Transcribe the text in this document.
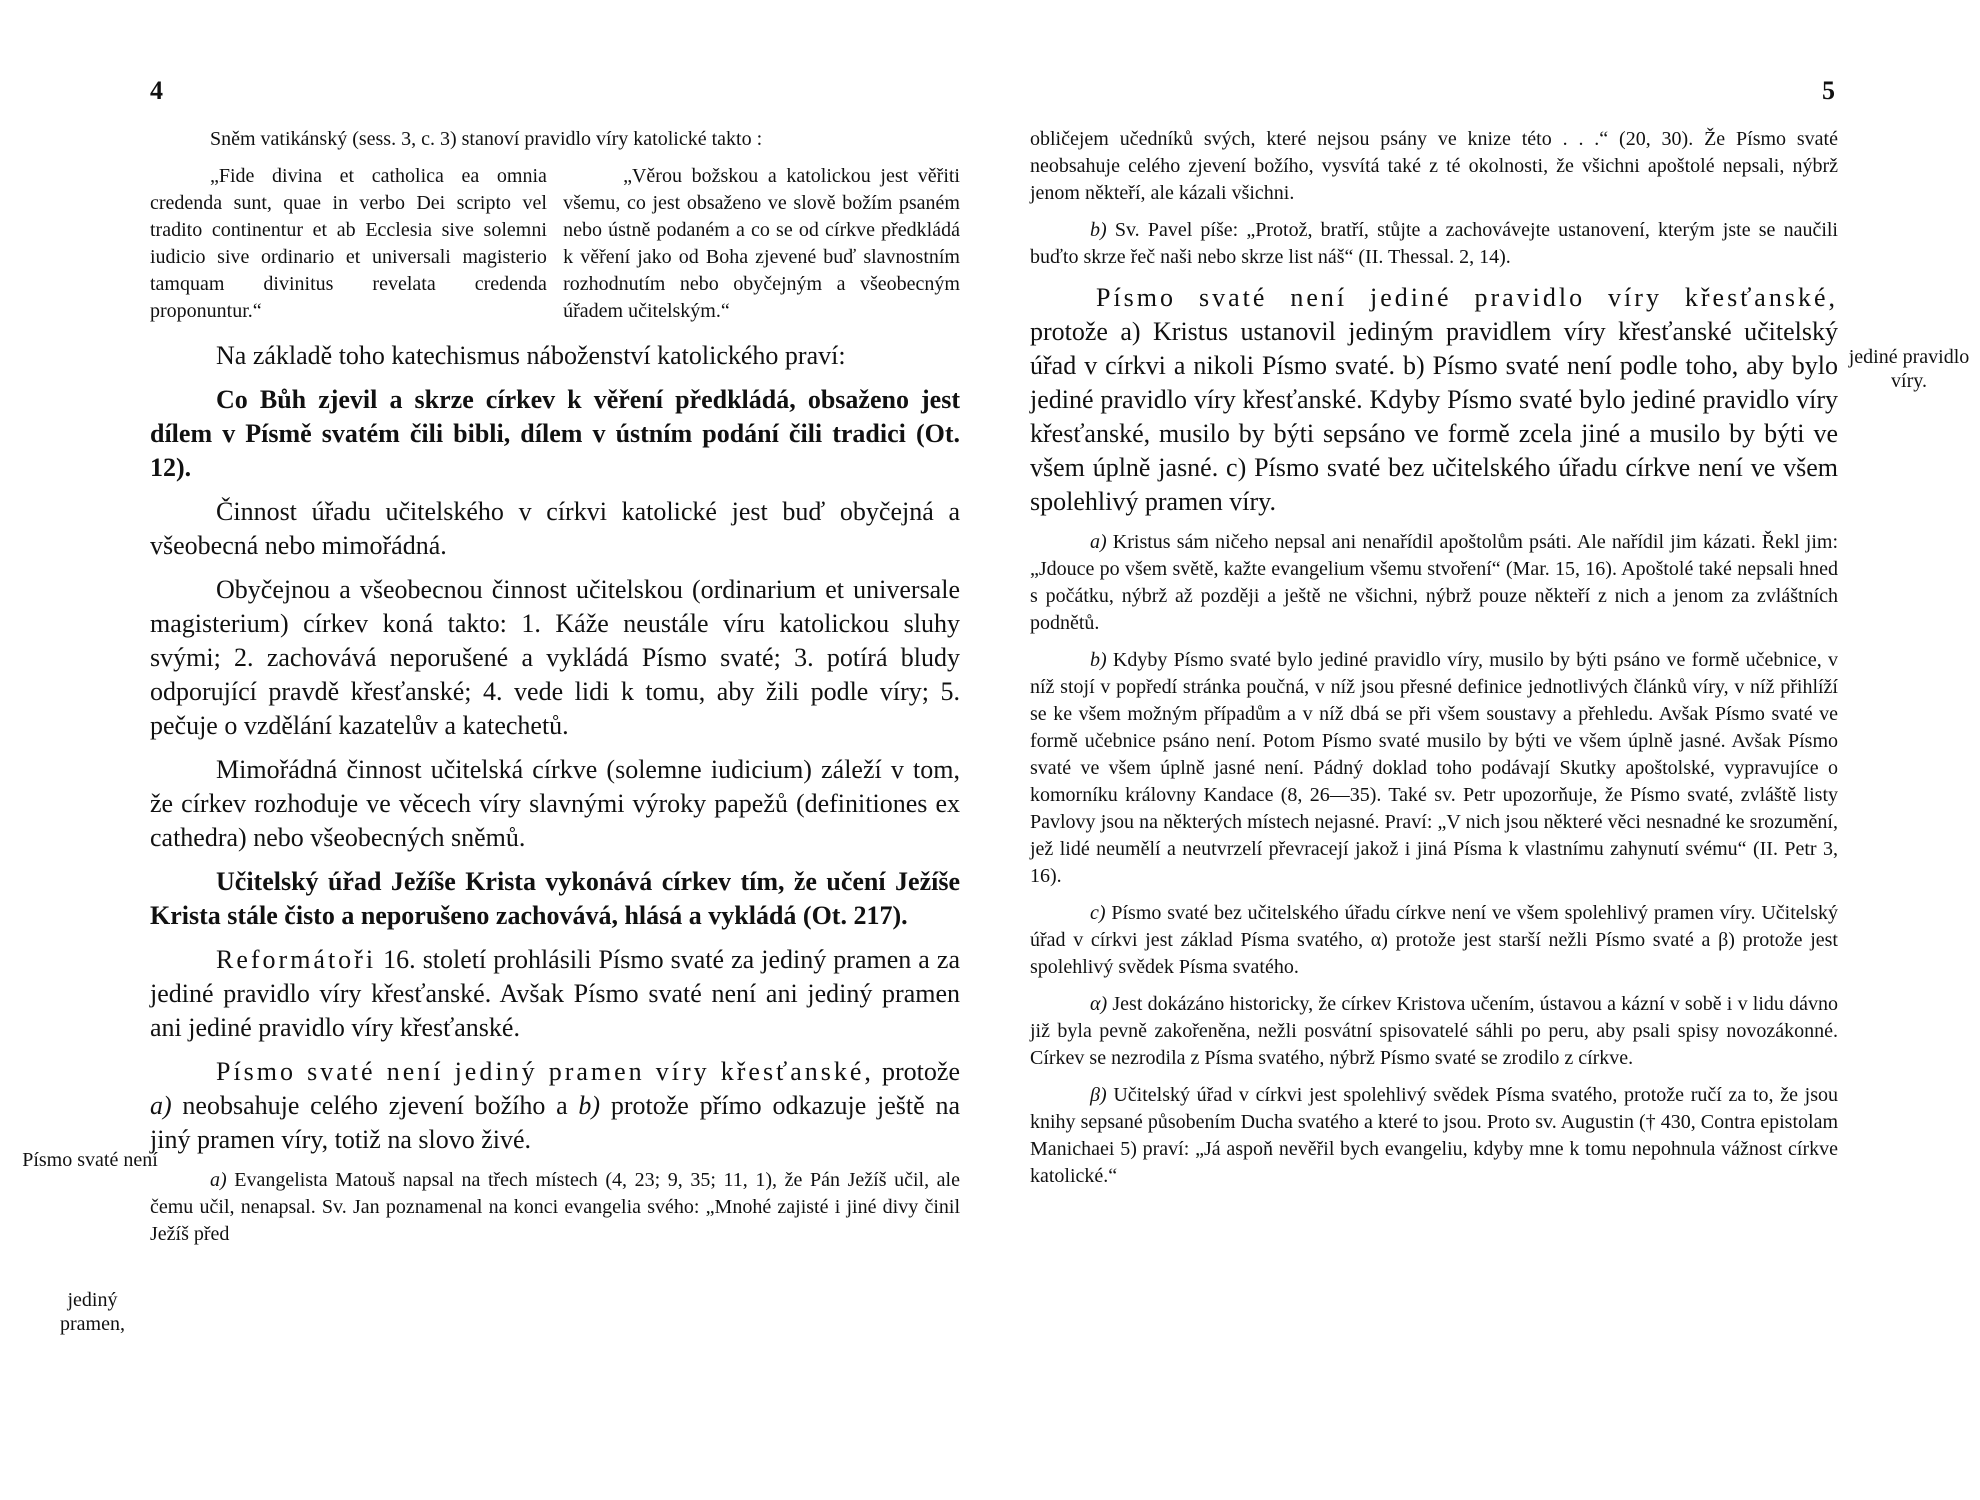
4
Písmo svaté není
jediný pramen,

Sněm vatikánský (sess. 3, c. 3) stanoví pravidlo víry katolické takto :

„Fide divina et catholica ea omnia credenda sunt, quae in verbo Dei scripto vel tradito continentur et ab Ecclesia sive solemni iudicio sive ordinario et universali magisterio tamquam divinitus revelata credenda proponuntur.“

„Věrou božskou a katolickou jest věřiti všemu, co jest obsaženo ve slově božím psaném nebo ústně podaném a co se od církve předkládá k věření jako od Boha zjevené buď slavnostním rozhodnutím nebo obyčejným a všeobecným úřadem učitelským.“

Na základě toho katechismus náboženství katolického praví:

Co Bůh zjevil a skrze církev k věření předkládá, obsaženo jest dílem v Písmě svatém čili bibli, dílem v ústním podání čili tradici (Ot. 12).

Činnost úřadu učitelského v církvi katolické jest buď obyčejná a všeobecná nebo mimořádná.

Obyčejnou a všeobecnou činnost učitelskou (ordinarium et universale magisterium) církev koná takto: 1. Káže neustále víru katolickou sluhy svými; 2. zachovává neporušené a vykládá Písmo svaté; 3. potírá bludy odporující pravdě křesťanské; 4. vede lidi k tomu, aby žili podle víry; 5. pečuje o vzdělání kazatelův a katechetů.

Mimořádná činnost učitelská církve (solemne iudicium) záleží v tom, že církev rozhoduje ve věcech víry slavnými výroky papežů (definitiones ex cathedra) nebo všeobecných sněmů.

Učitelský úřad Ježíše Krista vykonává církev tím, že učení Ježíše Krista stále čisto a neporušeno zachovává, hlásá a vykládá (Ot. 217).

Reformátoři 16. století prohlásili Písmo svaté za jediný pramen a za jediné pravidlo víry křesťanské. Avšak Písmo svaté není ani jediný pramen ani jediné pravidlo víry křesťanské.

Písmo svaté není jediný pramen víry křesťanské, protože a) neobsahuje celého zjevení božího a b) protože přímo odkazuje ještě na jiný pramen víry, totiž na slovo živé.

a) Evangelista Matouš napsal na třech místech (4, 23; 9, 35; 11, 1), že Pán Ježíš učil, ale čemu učil, nenapsal. Sv. Jan poznamenal na konci evangelia svého: „Mnohé zajisté i jiné divy činil Ježíš před

5
jediné pravidlo víry.

obličejem učedníků svých, které nejsou psány ve knize této . . .“ (20, 30). Že Písmo svaté neobsahuje celého zjevení božího, vysvítá také z té okolnosti, že všichni apoštolé nepsali, nýbrž jenom někteří, ale kázali všichni.

b) Sv. Pavel píše: „Protož, bratří, stůjte a zachovávejte ustanovení, kterým jste se naučili buďto skrze řeč naši nebo skrze list náš“ (II. Thessal. 2, 14).

Písmo svaté není jediné pravidlo víry křesťanské, protože a) Kristus ustanovil jediným pravidlem víry křesťanské učitelský úřad v církvi a nikoli Písmo svaté. b) Písmo svaté není podle toho, aby bylo jediné pravidlo víry křesťanské. Kdyby Písmo svaté bylo jediné pravidlo víry křesťanské, musilo by býti sepsáno ve formě zcela jiné a musilo by býti ve všem úplně jasné. c) Písmo svaté bez učitelského úřadu církve není ve všem spolehlivý pramen víry.

a) Kristus sám ničeho nepsal ani nenařídil apoštolům psáti. Ale nařídil jim kázati. Řekl jim: „Jdouce po všem světě, kažte evangelium všemu stvoření“ (Mar. 15, 16). Apoštolé také nepsali hned s počátku, nýbrž až později a ještě ne všichni, nýbrž pouze někteří z nich a jenom za zvláštních podnětů.

b) Kdyby Písmo svaté bylo jediné pravidlo víry, musilo by býti psáno ve formě učebnice, v níž stojí v popředí stránka poučná, v níž jsou přesné definice jednotlivých článků víry, v níž přihlíží se ke všem možným případům a v níž dbá se při všem soustavy a přehledu. Avšak Písmo svaté ve formě učebnice psáno není. Potom Písmo svaté musilo by býti ve všem úplně jasné. Avšak Písmo svaté ve všem úplně jasné není. Pádný doklad toho podávají Skutky apoštolské, vypravujíce o komorníku královny Kandace (8, 26—35). Také sv. Petr upozorňuje, že Písmo svaté, zvláště listy Pavlovy jsou na některých místech nejasné. Praví: „V nich jsou některé věci nesnadné ke srozumění, jež lidé neumělí a neutvrzelí převracejí jakož i jiná Písma k vlastnímu zahynutí svému“ (II. Petr 3, 16).

c) Písmo svaté bez učitelského úřadu církve není ve všem spolehlivý pramen víry. Učitelský úřad v církvi jest základ Písma svatého, α) protože jest starší nežli Písmo svaté a β) protože jest spolehlivý svědek Písma svatého.

α) Jest dokázáno historicky, že církev Kristova učením, ústavou a kázní v sobě i v lidu dávno již byla pevně zakořeněna, nežli posvátní spisovatelé sáhli po peru, aby psali spisy novozákonné. Církev se nezrodila z Písma svatého, nýbrž Písmo svaté se zrodilo z církve.

β) Učitelský úřad v církvi jest spolehlivý svědek Písma svatého, protože ručí za to, že jsou knihy sepsané působením Ducha svatého a které to jsou. Proto sv. Augustin († 430, Contra epistolam Manichaei 5) praví: „Já aspoň nevěřil bych evangeliu, kdyby mne k tomu nepohnula vážnost církve katolické.“
